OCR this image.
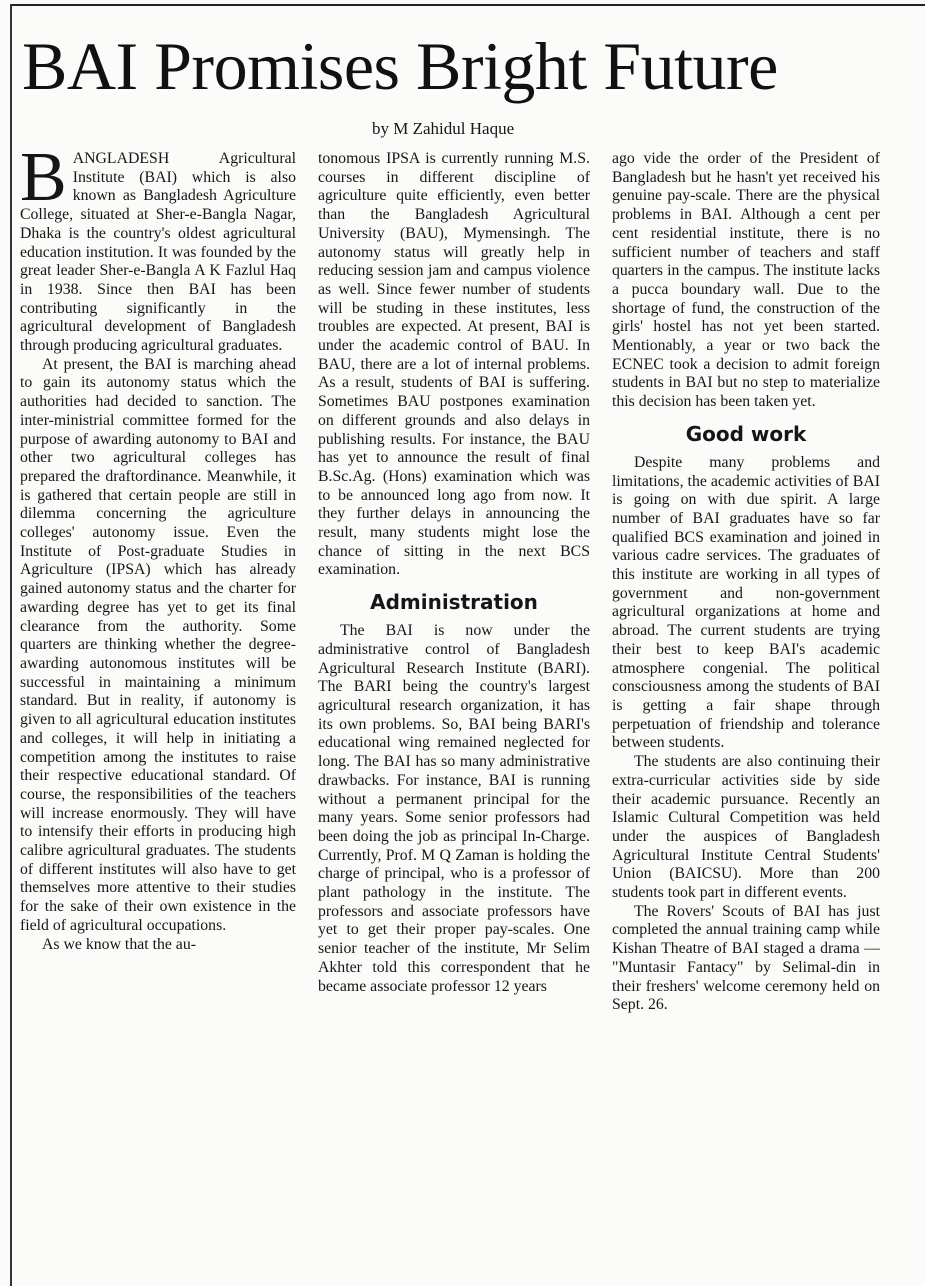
BAI Promises Bright Future

by M Zahidul Haque

BANGLADESH Agricultural Institute (BAI) which is also known as Bangladesh Agriculture College, situated at Sher-e-Bangla Nagar, Dhaka is the country's oldest agricultural education institution. It was founded by the great leader Sher-e-Bangla A K Fazlul Haq in 1938. Since then BAI has been contributing significantly in the agricultural development of Bangladesh through producing agricultural graduates.

At present, the BAI is marching ahead to gain its autonomy status which the authorities had decided to sanction. The inter-ministrial committee formed for the purpose of awarding autonomy to BAI and other two agricultural colleges has prepared the draftordinance. Meanwhile, it is gathered that certain people are still in dilemma concerning the agriculture colleges' autonomy issue. Even the Institute of Post-graduate Studies in Agriculture (IPSA) which has already gained autonomy status and the charter for awarding degree has yet to get its final clearance from the authority. Some quarters are thinking whether the degree-awarding autonomous institutes will be successful in maintaining a minimum standard. But in reality, if autonomy is given to all agricultural education institutes and colleges, it will help in initiating a competition among the institutes to raise their respective educational standard. Of course, the responsibilities of the teachers will increase enormously. They will have to intensify their efforts in producing high calibre agricultural graduates. The students of different institutes will also have to get themselves more attentive to their studies for the sake of their own existence in the field of agricultural occupations.

As we know that the au-

tonomous IPSA is currently running M.S. courses in different discipline of agriculture quite efficiently, even better than the Bangladesh Agricultural University (BAU), Mymensingh. The autonomy status will greatly help in reducing session jam and campus violence as well. Since fewer number of students will be studing in these institutes, less troubles are expected. At present, BAI is under the academic control of BAU. In BAU, there are a lot of internal problems. As a result, students of BAI is suffering. Sometimes BAU postpones examination on different grounds and also delays in publishing results. For instance, the BAU has yet to announce the result of final B.Sc.Ag. (Hons) examination which was to be announced long ago from now. It they further delays in announcing the result, many students might lose the chance of sitting in the next BCS examination.

Administration

The BAI is now under the administrative control of Bangladesh Agricultural Research Institute (BARI). The BARI being the country's largest agricultural research organization, it has its own problems. So, BAI being BARI's educational wing remained neglected for long. The BAI has so many administrative drawbacks. For instance, BAI is running without a permanent principal for the many years. Some senior professors had been doing the job as principal In-Charge. Currently, Prof. M Q Zaman is holding the charge of principal, who is a professor of plant pathology in the institute. The professors and associate professors have yet to get their proper pay-scales. One senior teacher of the institute, Mr Selim Akhter told this correspondent that he became associate professor 12 years

ago vide the order of the President of Bangladesh but he hasn't yet received his genuine pay-scale. There are the physical problems in BAI. Although a cent per cent residential institute, there is no sufficient number of teachers and staff quarters in the campus. The institute lacks a pucca boundary wall. Due to the shortage of fund, the construction of the girls' hostel has not yet been started. Mentionably, a year or two back the ECNEC took a decision to admit foreign students in BAI but no step to materialize this decision has been taken yet.

Good work

Despite many problems and limitations, the academic activities of BAI is going on with due spirit. A large number of BAI graduates have so far qualified BCS examination and joined in various cadre services. The graduates of this institute are working in all types of government and non-government agricultural organizations at home and abroad. The current students are trying their best to keep BAI's academic atmosphere congenial. The political consciousness among the students of BAI is getting a fair shape through perpetuation of friendship and tolerance between students.

The students are also continuing their extra-curricular activities side by side their academic pursuance. Recently an Islamic Cultural Competition was held under the auspices of Bangladesh Agricultural Institute Central Students' Union (BAICSU). More than 200 students took part in different events.

The Rovers' Scouts of BAI has just completed the annual training camp while Kishan Theatre of BAI staged a drama — "Muntasir Fantacy" by Selimal-din in their freshers' welcome ceremony held on Sept. 26.
